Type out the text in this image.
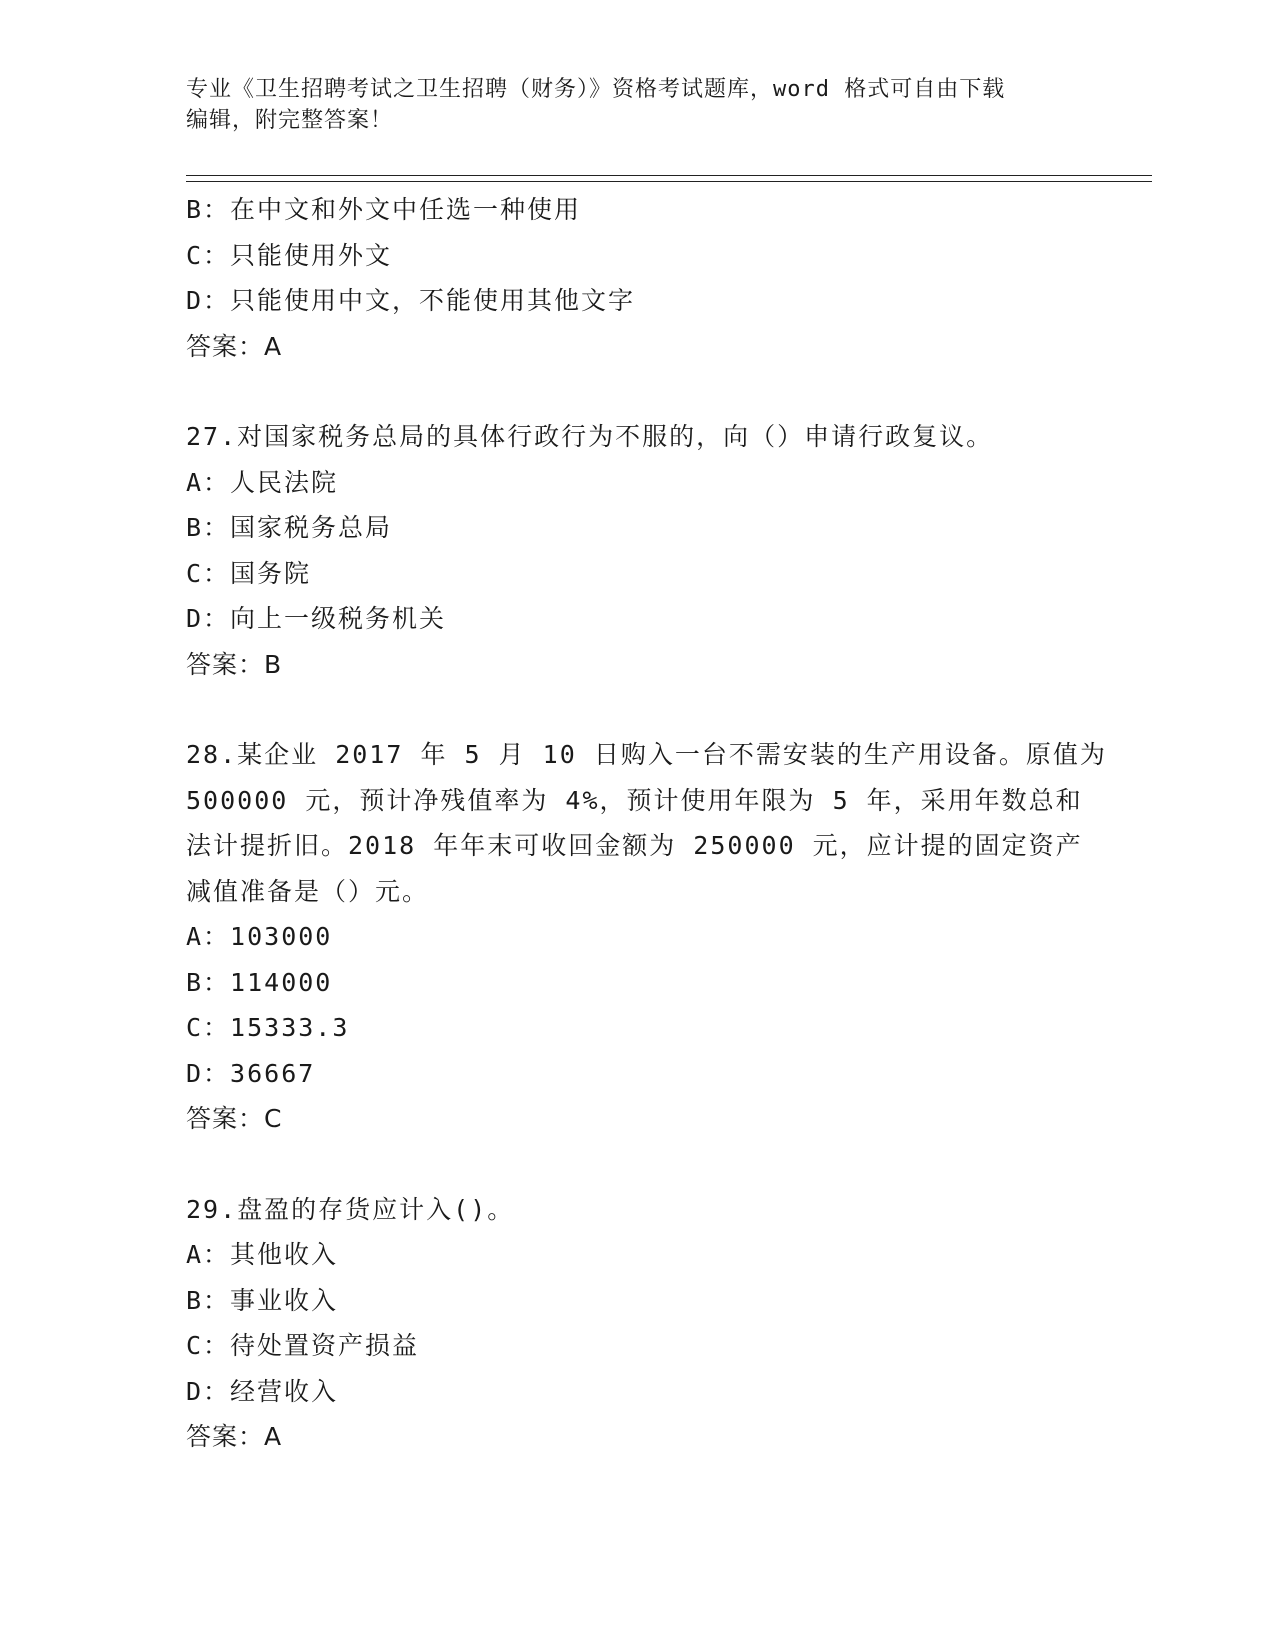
专业《卫生招聘考试之卫生招聘（财务）》资格考试题库，word 格式可自由下载
编辑，附完整答案！
B：在中文和外文中任选一种使用
C：只能使用外文
D：只能使用中文，不能使用其他文字
答案：A
27.对国家税务总局的具体行政行为不服的，向（）申请行政复议。
A：人民法院
B：国家税务总局
C：国务院
D：向上一级税务机关
答案：B
28.某企业 2017 年 5 月 10 日购入一台不需安装的生产用设备。原值为
500000 元，预计净残值率为 4%，预计使用年限为 5 年，采用年数总和
法计提折旧。2018 年年末可收回金额为 250000 元，应计提的固定资产
减值准备是（）元。
A：103000
B：114000
C：15333.3
D：36667
答案：C
29.盘盈的存货应计入()。
A：其他收入
B：事业收入
C：待处置资产损益
D：经营收入
答案：A
